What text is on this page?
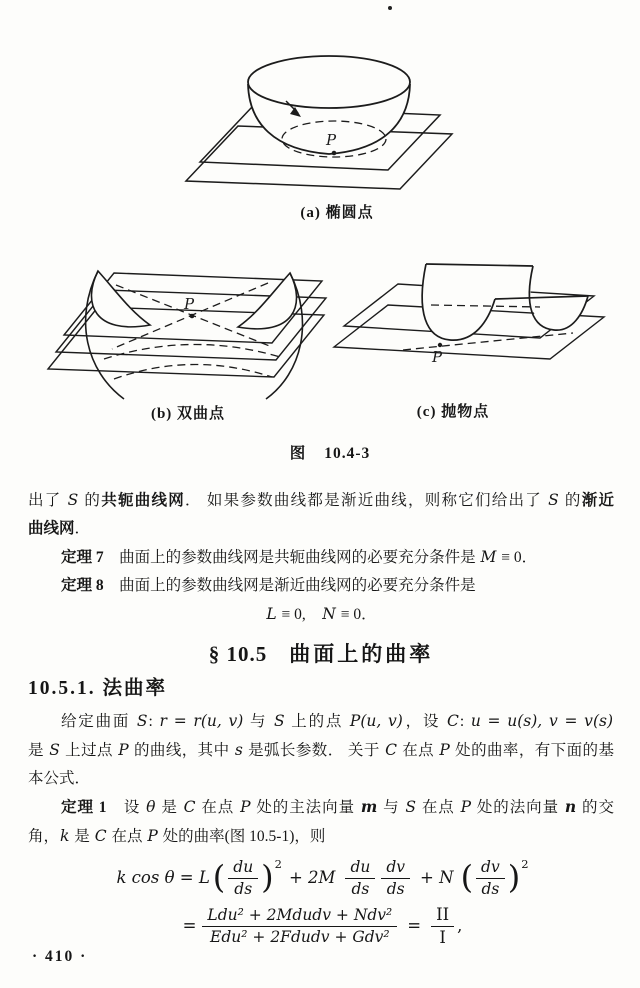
P
(a) 椭圆点
P
(b) 双曲点
P
(c) 抛物点
图 10.4-3
出了 S 的共轭曲线网． 如果参数曲线都是渐近曲线，则称它们给出了 S 的渐近
曲线网．
定理 7　曲面上的参数曲线网是共轭曲线网的必要充分条件是 M ≡ 0．
定理 8　曲面上的参数曲线网是渐近曲线网的必要充分条件是
L ≡ 0,　N ≡ 0．
§ 10.5 曲面上的曲率
10.5.1. 法曲率
给定曲面 S: r = r(u, v) 与 S 上的点 P(u, v)，设 C: u = u(s), v = v(s)
是 S 上过点 P 的曲线，其中 s 是弧长参数． 关于 C 在点 P 处的曲率，有下面的基
本公式．
定理 1　设 θ 是 C 在点 P 处的主法向量 m 与 S 在点 P 处的法向量 n 的交
角，k 是 C 在点 P 处的曲率(图 10.5-1)，则
k $\cos \theta = L( \frac{du}{ds} )^2+ 2M \frac{du}{ds} \frac{dv}{ds} + N$ ( $\frac{dv}{ds} )^2$
= $\frac{\text{Ldu² + 2Mdudv + Ndv²}}{\text{Edu² + 2Fdudv + Gdv²}} = \frac{II}{I}$ ,
· 410 ·
